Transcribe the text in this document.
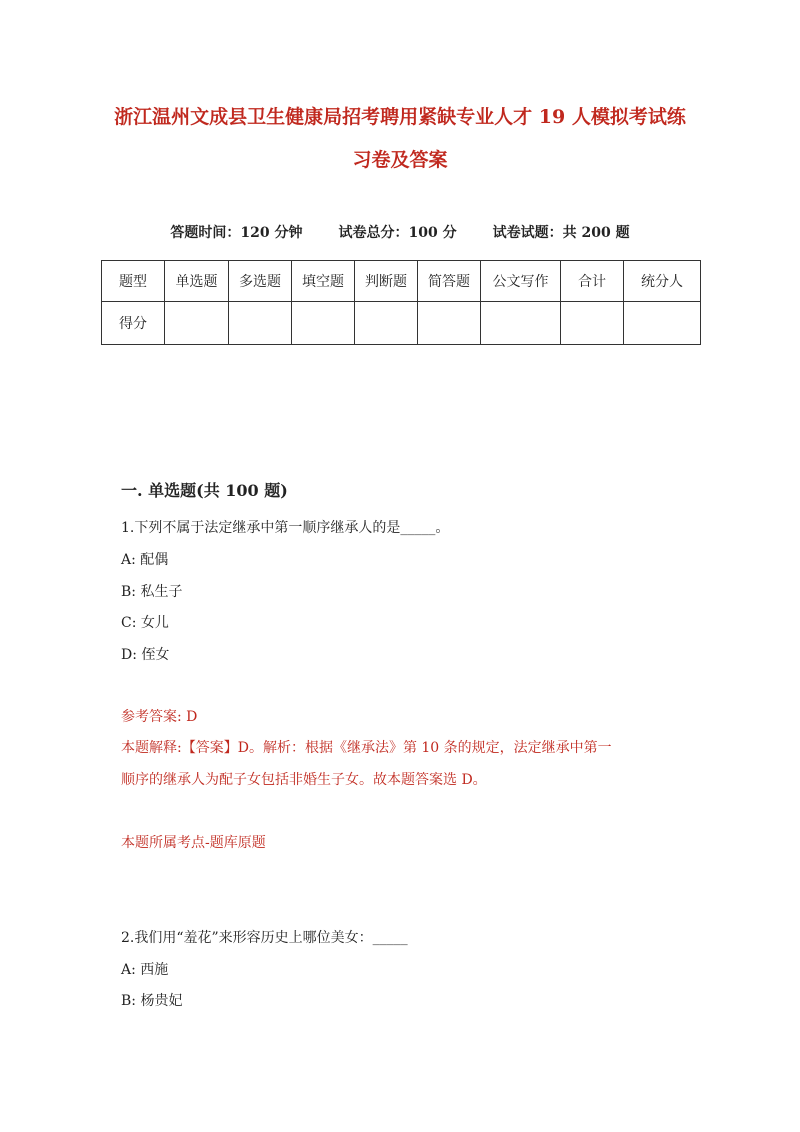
浙江温州文成县卫生健康局招考聘用紧缺专业人才 19 人模拟考试练
习卷及答案
答题时间：120 分钟	试卷总分：100 分	试卷试题：共 200 题
题型	单选题	多选题	填空题	判断题	简答题	公文写作	合计	统分人
得分								
一. 单选题(共 100 题)
1.下列不属于法定继承中第一顺序继承人的是_____。
A: 配偶
B: 私生子
C: 女儿
D: 侄女
参考答案: D
本题解释:【答案】D。解析：根据《继承法》第 10 条的规定，法定继承中第一
顺序的继承人为配子女包括非婚生子女。故本题答案选 D。
本题所属考点-题库原题
2.我们用“羞花”来形容历史上哪位美女：_____
A: 西施
B: 杨贵妃
